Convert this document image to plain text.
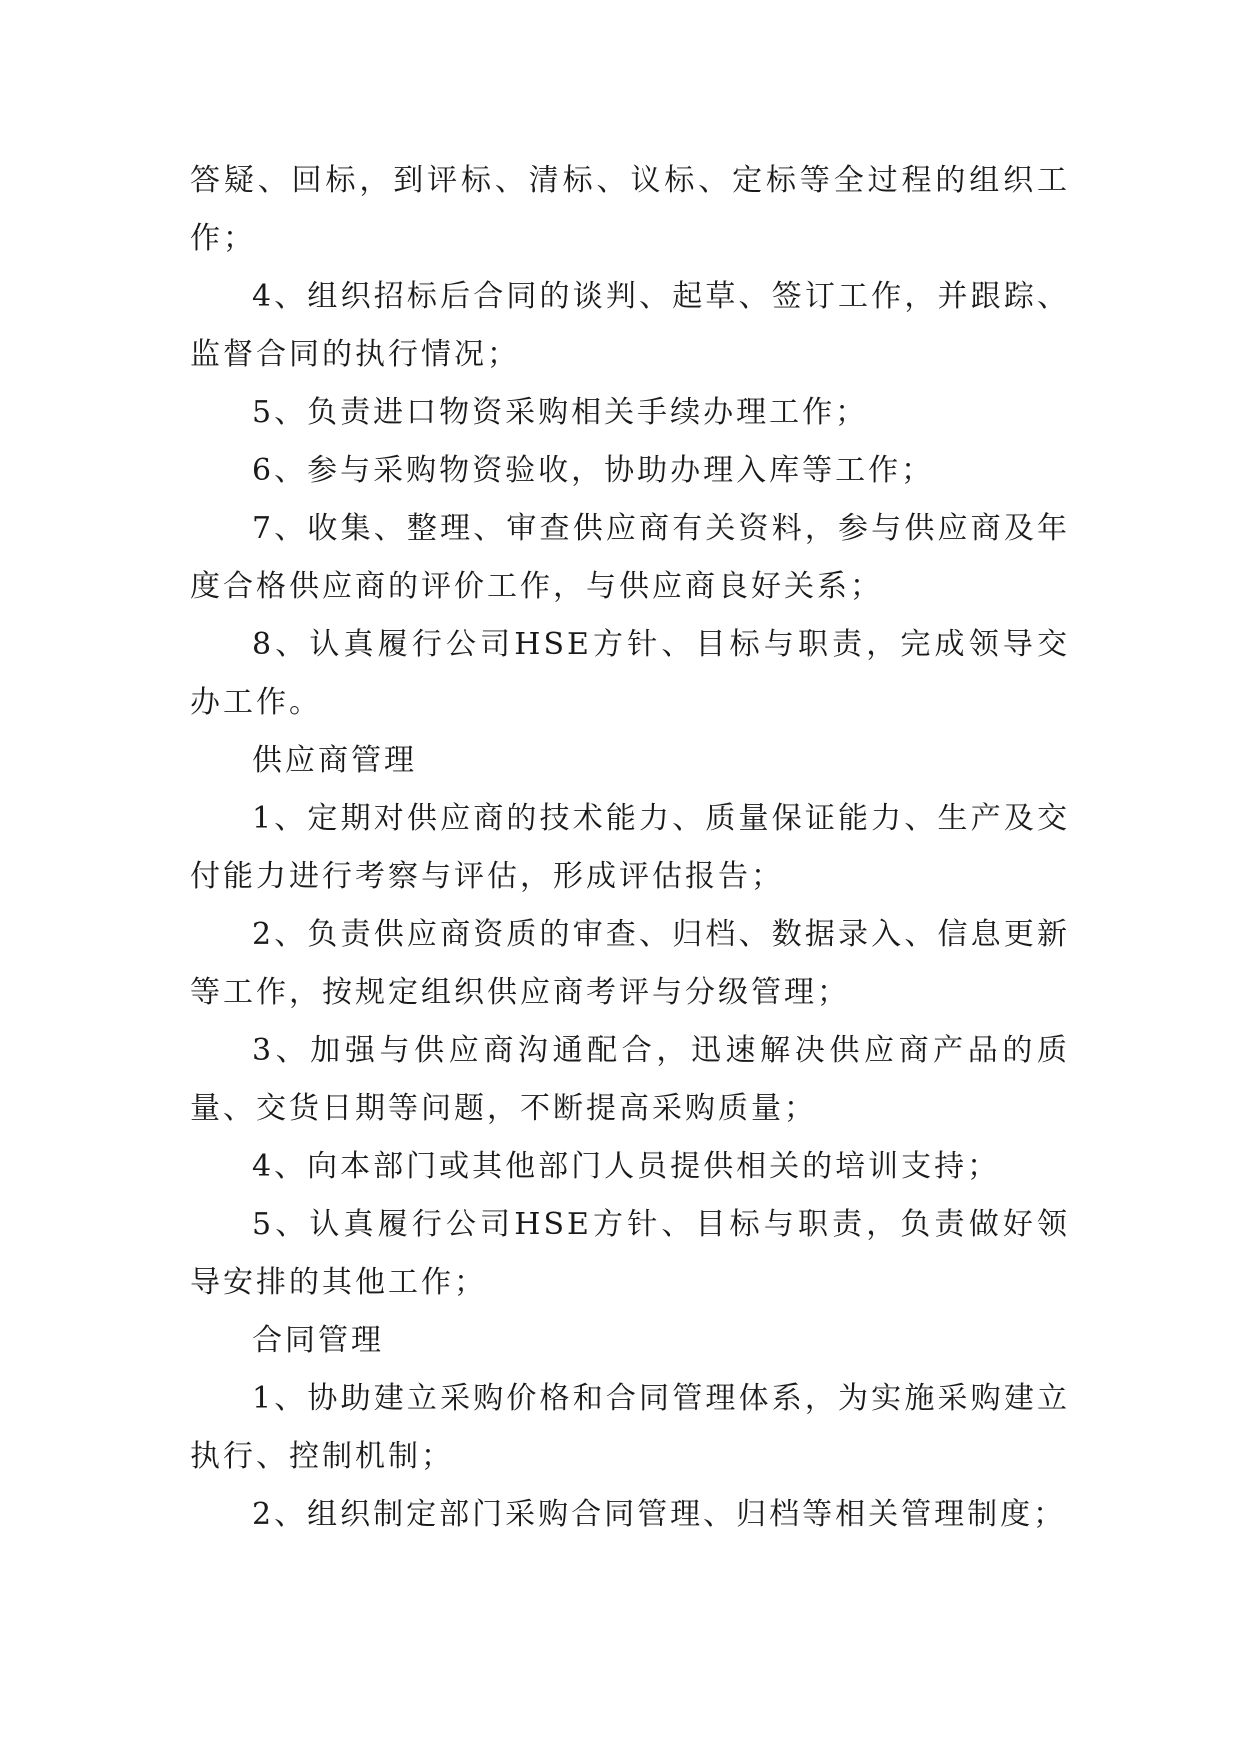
答疑、回标，到评标、清标、议标、定标等全过程的组织工作；

4、组织招标后合同的谈判、起草、签订工作，并跟踪、监督合同的执行情况；

5、负责进口物资采购相关手续办理工作；

6、参与采购物资验收，协助办理入库等工作；

7、收集、整理、审查供应商有关资料，参与供应商及年度合格供应商的评价工作，与供应商良好关系；

8、认真履行公司HSE方针、目标与职责，完成领导交办工作。

供应商管理

1、定期对供应商的技术能力、质量保证能力、生产及交付能力进行考察与评估，形成评估报告；

2、负责供应商资质的审查、归档、数据录入、信息更新等工作，按规定组织供应商考评与分级管理；

3、加强与供应商沟通配合，迅速解决供应商产品的质量、交货日期等问题，不断提高采购质量；

4、向本部门或其他部门人员提供相关的培训支持；

5、认真履行公司HSE方针、目标与职责，负责做好领导安排的其他工作；

合同管理

1、协助建立采购价格和合同管理体系，为实施采购建立执行、控制机制；

2、组织制定部门采购合同管理、归档等相关管理制度；
